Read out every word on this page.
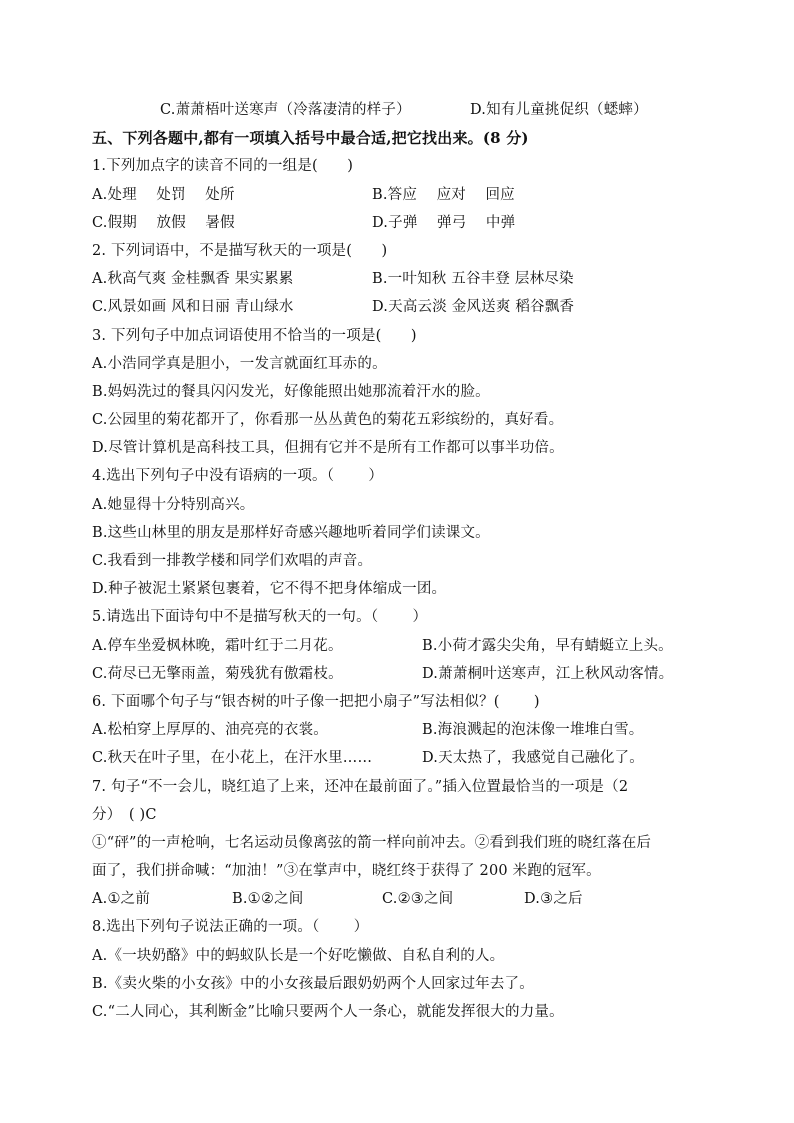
C.萧萧梧叶送寒声（冷落凄清的样子）	D.知有儿童挑促织（蟋蟀）
五、下列各题中,都有一项填入括号中最合适,把它找出来。(8 分)
1.下列加点字的读音不同的一组是(　　)
A.处理　 处罚　 处所	B.答应　 应对　 回应
C.假期　 放假　 暑假	D.子弹　 弹弓　 中弹
2. 下列词语中，不是描写秋天的一项是(　　)
A.秋高气爽 金桂飘香 果实累累	B.一叶知秋 五谷丰登 层林尽染
C.风景如画 风和日丽 青山绿水	D.天高云淡 金风送爽 稻谷飘香
3. 下列句子中加点词语使用不恰当的一项是(　　)
A.小浩同学真是胆小，一发言就面红耳赤的。
B.妈妈洗过的餐具闪闪发光，好像能照出她那流着汗水的脸。
C.公园里的菊花都开了，你看那一丛丛黄色的菊花五彩缤纷的，真好看。
D.尽管计算机是高科技工具，但拥有它并不是所有工作都可以事半功倍。
4.选出下列句子中没有语病的一项。（　　 ）
A.她显得十分特别高兴。
B.这些山林里的朋友是那样好奇感兴趣地听着同学们读课文。
C.我看到一排教学楼和同学们欢唱的声音。
D.种子被泥土紧紧包裹着，它不得不把身体缩成一团。
5.请选出下面诗句中不是描写秋天的一句。（　　 ）
A.停车坐爱枫林晚，霜叶红于二月花。	B.小荷才露尖尖角，早有蜻蜓立上头。
C.荷尽已无擎雨盖，菊残犹有傲霜枝。	D.萧萧桐叶送寒声，江上秋风动客情。
6. 下面哪个句子与“银杏树的叶子像一把把小扇子”写法相似？(　　 )
A.松柏穿上厚厚的、油亮亮的衣裳。	B.海浪溅起的泡沫像一堆堆白雪。
C.秋天在叶子里，在小花上，在汗水里……	D.天太热了，我感觉自己融化了。
7. 句子“不一会儿，晓红追了上来，还冲在最前面了。”插入位置最恰当的一项是（2
分）　( )C
①“砰”的一声枪响，七名运动员像离弦的箭一样向前冲去。②看到我们班的晓红落在后
面了，我们拼命喊：“加油！”③在掌声中，晓红终于获得了 200 米跑的冠军。
A.①之前	B.①②之间	C.②③之间	D.③之后
8.选出下列句子说法正确的一项。（　　 ）
A.《一块奶酪》中的蚂蚁队长是一个好吃懒做、自私自利的人。
B.《卖火柴的小女孩》中的小女孩最后跟奶奶两个人回家过年去了。
C.“二人同心，其利断金”比喻只要两个人一条心，就能发挥很大的力量。
